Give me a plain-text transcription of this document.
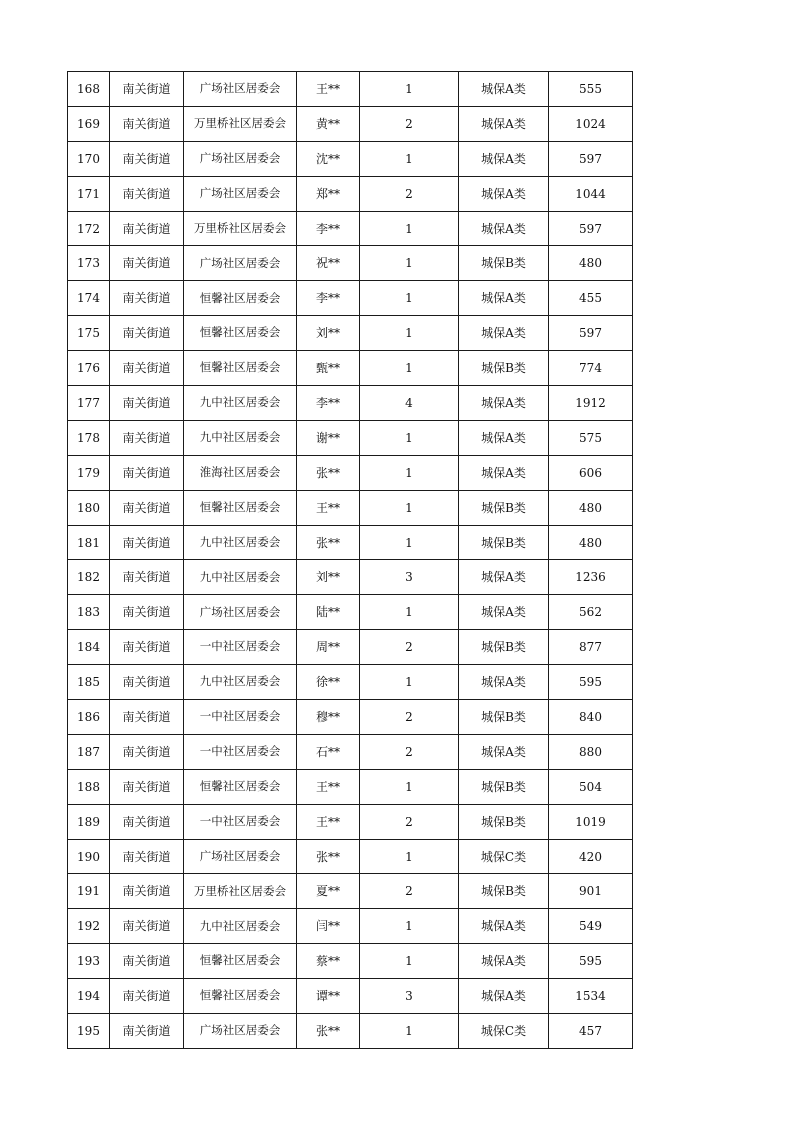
168	南关街道	广场社区居委会	王**	1	城保A类	555
169	南关街道	万里桥社区居委会	黄**	2	城保A类	1024
170	南关街道	广场社区居委会	沈**	1	城保A类	597
171	南关街道	广场社区居委会	郑**	2	城保A类	1044
172	南关街道	万里桥社区居委会	李**	1	城保A类	597
173	南关街道	广场社区居委会	祝**	1	城保B类	480
174	南关街道	恒馨社区居委会	李**	1	城保A类	455
175	南关街道	恒馨社区居委会	刘**	1	城保A类	597
176	南关街道	恒馨社区居委会	甄**	1	城保B类	774
177	南关街道	九中社区居委会	李**	4	城保A类	1912
178	南关街道	九中社区居委会	谢**	1	城保A类	575
179	南关街道	淮海社区居委会	张**	1	城保A类	606
180	南关街道	恒馨社区居委会	王**	1	城保B类	480
181	南关街道	九中社区居委会	张**	1	城保B类	480
182	南关街道	九中社区居委会	刘**	3	城保A类	1236
183	南关街道	广场社区居委会	陆**	1	城保A类	562
184	南关街道	一中社区居委会	周**	2	城保B类	877
185	南关街道	九中社区居委会	徐**	1	城保A类	595
186	南关街道	一中社区居委会	穆**	2	城保B类	840
187	南关街道	一中社区居委会	石**	2	城保A类	880
188	南关街道	恒馨社区居委会	王**	1	城保B类	504
189	南关街道	一中社区居委会	王**	2	城保B类	1019
190	南关街道	广场社区居委会	张**	1	城保C类	420
191	南关街道	万里桥社区居委会	夏**	2	城保B类	901
192	南关街道	九中社区居委会	闫**	1	城保A类	549
193	南关街道	恒馨社区居委会	蔡**	1	城保A类	595
194	南关街道	恒馨社区居委会	谭**	3	城保A类	1534
195	南关街道	广场社区居委会	张**	1	城保C类	457
